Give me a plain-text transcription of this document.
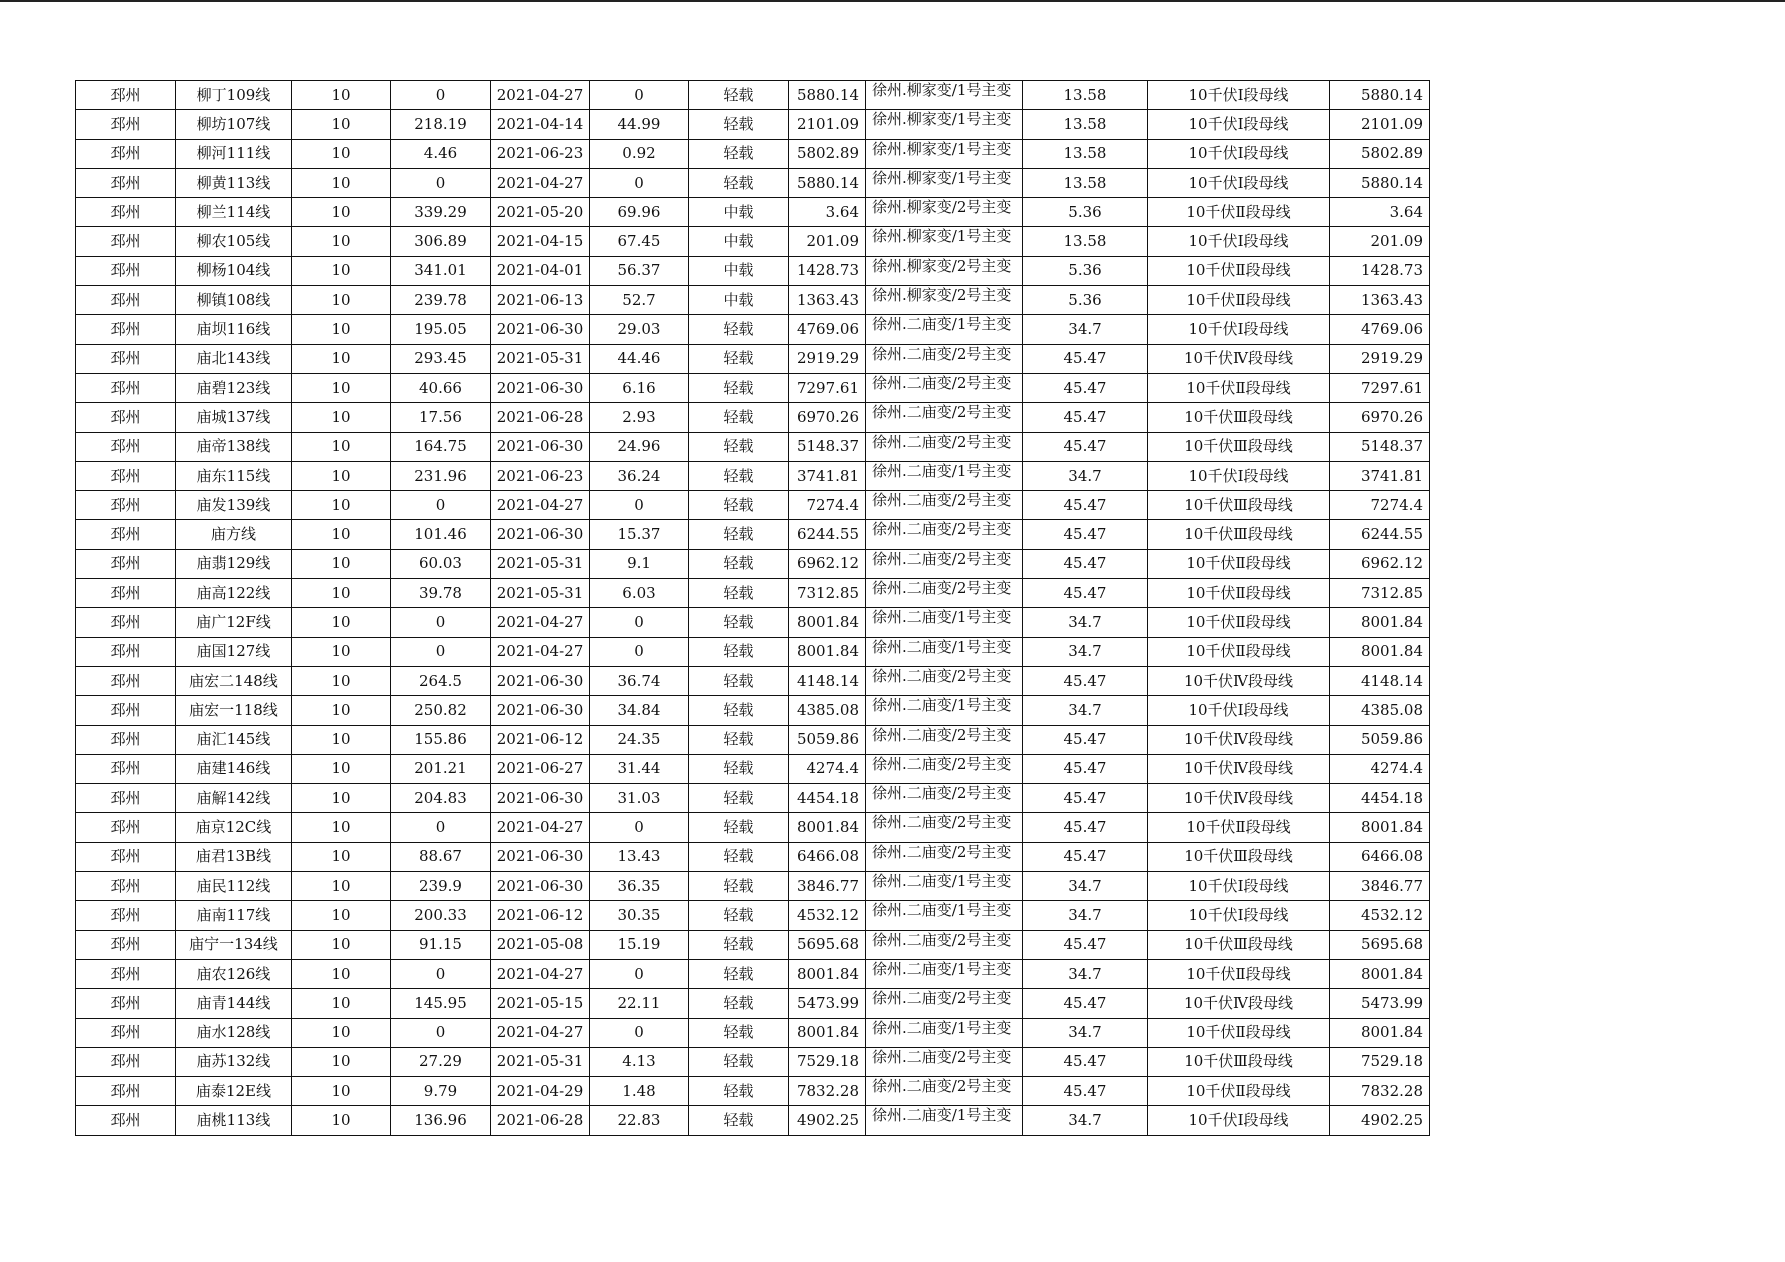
邳州	柳丁109线	10	0	2021-04-27	0	轻载	5880.14	徐州.柳家变/1号主变	13.58	10千伏Ⅰ段母线	5880.14
邳州	柳坊107线	10	218.19	2021-04-14	44.99	轻载	2101.09	徐州.柳家变/1号主变	13.58	10千伏Ⅰ段母线	2101.09
邳州	柳河111线	10	4.46	2021-06-23	0.92	轻载	5802.89	徐州.柳家变/1号主变	13.58	10千伏Ⅰ段母线	5802.89
邳州	柳黄113线	10	0	2021-04-27	0	轻载	5880.14	徐州.柳家变/1号主变	13.58	10千伏Ⅰ段母线	5880.14
邳州	柳兰114线	10	339.29	2021-05-20	69.96	中载	3.64	徐州.柳家变/2号主变	5.36	10千伏Ⅱ段母线	3.64
邳州	柳农105线	10	306.89	2021-04-15	67.45	中载	201.09	徐州.柳家变/1号主变	13.58	10千伏Ⅰ段母线	201.09
邳州	柳杨104线	10	341.01	2021-04-01	56.37	中载	1428.73	徐州.柳家变/2号主变	5.36	10千伏Ⅱ段母线	1428.73
邳州	柳镇108线	10	239.78	2021-06-13	52.7	中载	1363.43	徐州.柳家变/2号主变	5.36	10千伏Ⅱ段母线	1363.43
邳州	庙坝116线	10	195.05	2021-06-30	29.03	轻载	4769.06	徐州.二庙变/1号主变	34.7	10千伏Ⅰ段母线	4769.06
邳州	庙北143线	10	293.45	2021-05-31	44.46	轻载	2919.29	徐州.二庙变/2号主变	45.47	10千伏Ⅳ段母线	2919.29
邳州	庙碧123线	10	40.66	2021-06-30	6.16	轻载	7297.61	徐州.二庙变/2号主变	45.47	10千伏Ⅱ段母线	7297.61
邳州	庙城137线	10	17.56	2021-06-28	2.93	轻载	6970.26	徐州.二庙变/2号主变	45.47	10千伏Ⅲ段母线	6970.26
邳州	庙帝138线	10	164.75	2021-06-30	24.96	轻载	5148.37	徐州.二庙变/2号主变	45.47	10千伏Ⅲ段母线	5148.37
邳州	庙东115线	10	231.96	2021-06-23	36.24	轻载	3741.81	徐州.二庙变/1号主变	34.7	10千伏Ⅰ段母线	3741.81
邳州	庙发139线	10	0	2021-04-27	0	轻载	7274.4	徐州.二庙变/2号主变	45.47	10千伏Ⅲ段母线	7274.4
邳州	庙方线	10	101.46	2021-06-30	15.37	轻载	6244.55	徐州.二庙变/2号主变	45.47	10千伏Ⅲ段母线	6244.55
邳州	庙翡129线	10	60.03	2021-05-31	9.1	轻载	6962.12	徐州.二庙变/2号主变	45.47	10千伏Ⅱ段母线	6962.12
邳州	庙高122线	10	39.78	2021-05-31	6.03	轻载	7312.85	徐州.二庙变/2号主变	45.47	10千伏Ⅱ段母线	7312.85
邳州	庙广12F线	10	0	2021-04-27	0	轻载	8001.84	徐州.二庙变/1号主变	34.7	10千伏Ⅱ段母线	8001.84
邳州	庙国127线	10	0	2021-04-27	0	轻载	8001.84	徐州.二庙变/1号主变	34.7	10千伏Ⅱ段母线	8001.84
邳州	庙宏二148线	10	264.5	2021-06-30	36.74	轻载	4148.14	徐州.二庙变/2号主变	45.47	10千伏Ⅳ段母线	4148.14
邳州	庙宏一118线	10	250.82	2021-06-30	34.84	轻载	4385.08	徐州.二庙变/1号主变	34.7	10千伏Ⅰ段母线	4385.08
邳州	庙汇145线	10	155.86	2021-06-12	24.35	轻载	5059.86	徐州.二庙变/2号主变	45.47	10千伏Ⅳ段母线	5059.86
邳州	庙建146线	10	201.21	2021-06-27	31.44	轻载	4274.4	徐州.二庙变/2号主变	45.47	10千伏Ⅳ段母线	4274.4
邳州	庙解142线	10	204.83	2021-06-30	31.03	轻载	4454.18	徐州.二庙变/2号主变	45.47	10千伏Ⅳ段母线	4454.18
邳州	庙京12C线	10	0	2021-04-27	0	轻载	8001.84	徐州.二庙变/2号主变	45.47	10千伏Ⅱ段母线	8001.84
邳州	庙君13B线	10	88.67	2021-06-30	13.43	轻载	6466.08	徐州.二庙变/2号主变	45.47	10千伏Ⅲ段母线	6466.08
邳州	庙民112线	10	239.9	2021-06-30	36.35	轻载	3846.77	徐州.二庙变/1号主变	34.7	10千伏Ⅰ段母线	3846.77
邳州	庙南117线	10	200.33	2021-06-12	30.35	轻载	4532.12	徐州.二庙变/1号主变	34.7	10千伏Ⅰ段母线	4532.12
邳州	庙宁一134线	10	91.15	2021-05-08	15.19	轻载	5695.68	徐州.二庙变/2号主变	45.47	10千伏Ⅲ段母线	5695.68
邳州	庙农126线	10	0	2021-04-27	0	轻载	8001.84	徐州.二庙变/1号主变	34.7	10千伏Ⅱ段母线	8001.84
邳州	庙青144线	10	145.95	2021-05-15	22.11	轻载	5473.99	徐州.二庙变/2号主变	45.47	10千伏Ⅳ段母线	5473.99
邳州	庙水128线	10	0	2021-04-27	0	轻载	8001.84	徐州.二庙变/1号主变	34.7	10千伏Ⅱ段母线	8001.84
邳州	庙苏132线	10	27.29	2021-05-31	4.13	轻载	7529.18	徐州.二庙变/2号主变	45.47	10千伏Ⅲ段母线	7529.18
邳州	庙泰12E线	10	9.79	2021-04-29	1.48	轻载	7832.28	徐州.二庙变/2号主变	45.47	10千伏Ⅱ段母线	7832.28
邳州	庙桃113线	10	136.96	2021-06-28	22.83	轻载	4902.25	徐州.二庙变/1号主变	34.7	10千伏Ⅰ段母线	4902.25
